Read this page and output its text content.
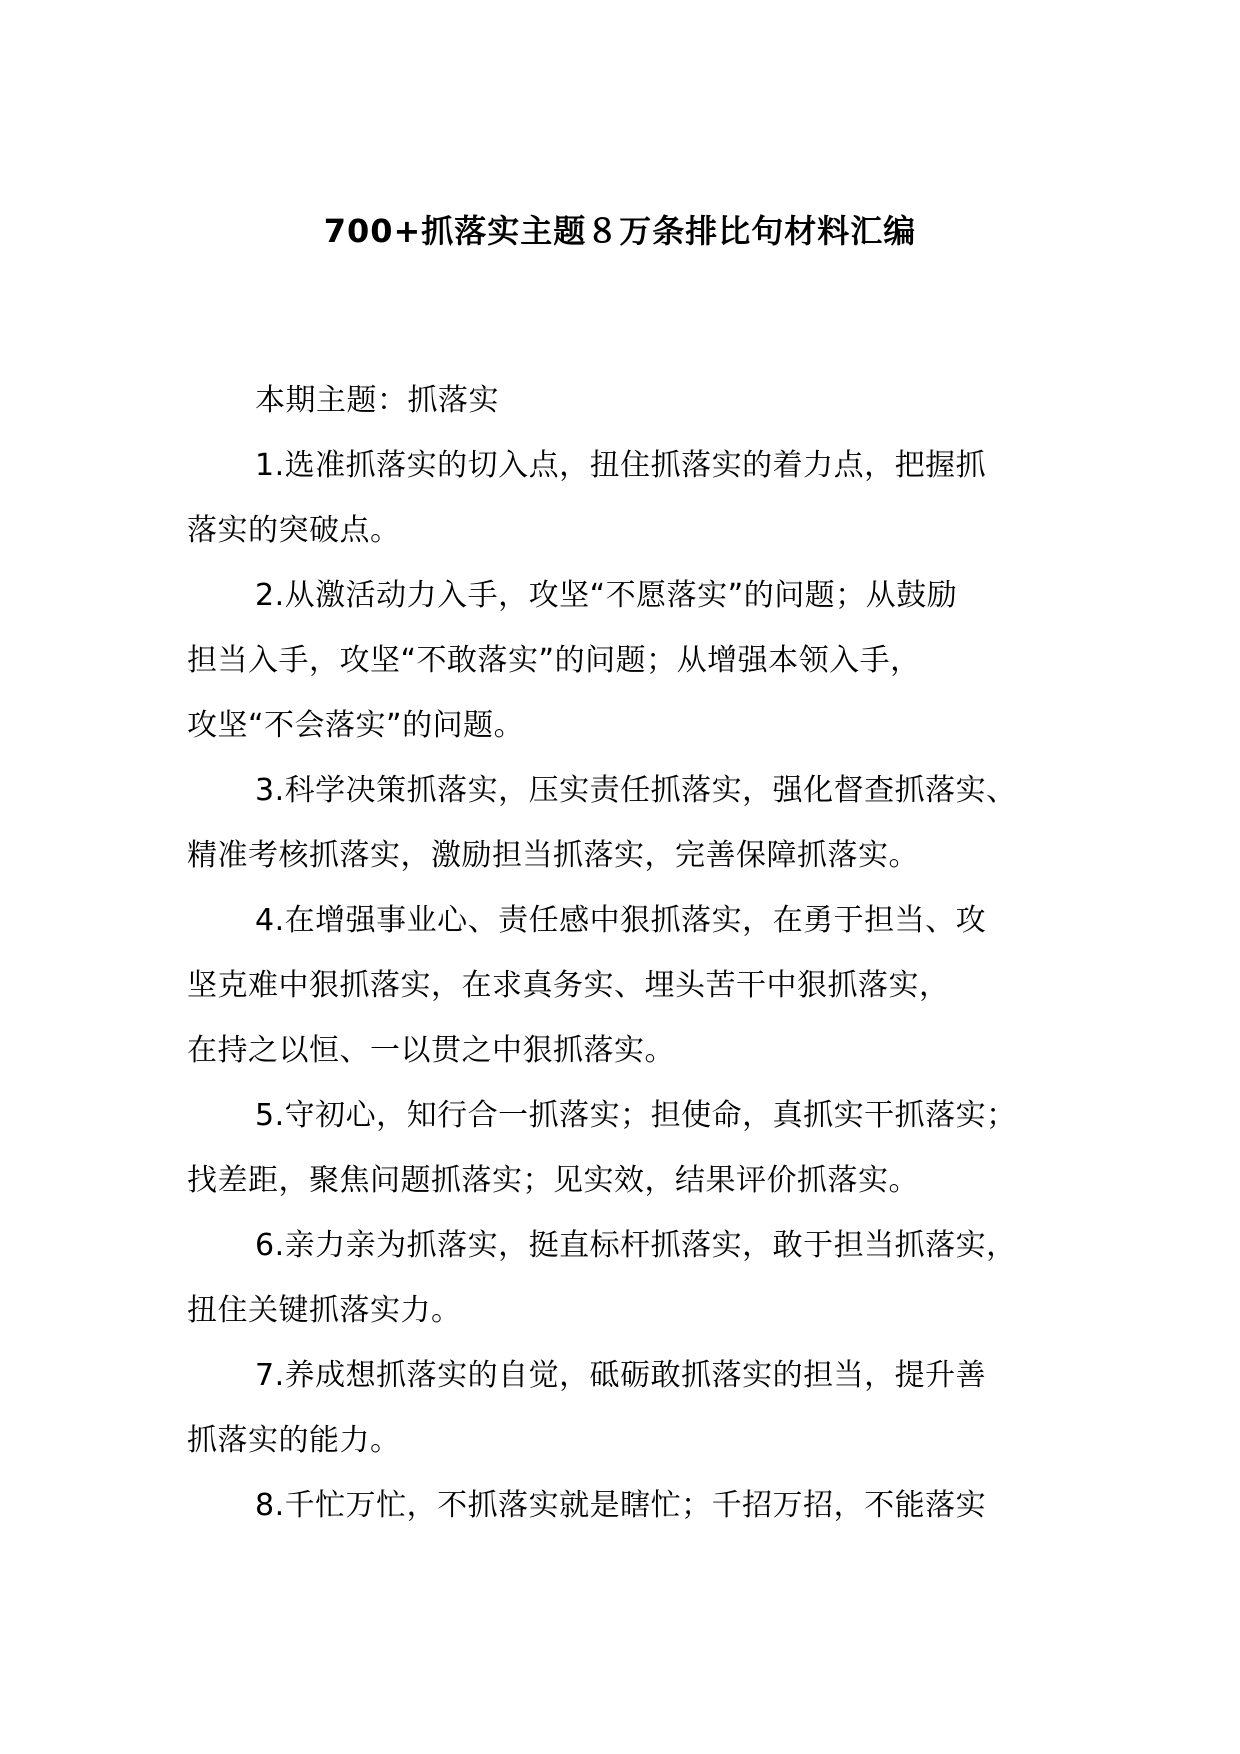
700+抓落实主题８万条排比句材料汇编

本期主题：抓落实

1.选准抓落实的切入点，扭住抓落实的着力点，把握抓
落实的突破点。

2.从激活动力入手，攻坚“不愿落实”的问题；从鼓励
担当入手，攻坚“不敢落实”的问题；从增强本领入手，
攻坚“不会落实”的问题。

3.科学决策抓落实，压实责任抓落实，强化督查抓落实、
精准考核抓落实，激励担当抓落实，完善保障抓落实。

4.在增强事业心、责任感中狠抓落实，在勇于担当、攻
坚克难中狠抓落实，在求真务实、埋头苦干中狠抓落实，
在持之以恒、一以贯之中狠抓落实。

5.守初心，知行合一抓落实；担使命，真抓实干抓落实；
找差距，聚焦问题抓落实；见实效，结果评价抓落实。

6.亲力亲为抓落实，挺直标杆抓落实，敢于担当抓落实，
扭住关键抓落实力。

7.养成想抓落实的自觉，砥砺敢抓落实的担当，提升善
抓落实的能力。

8.千忙万忙，不抓落实就是瞎忙；千招万招，不能落实
